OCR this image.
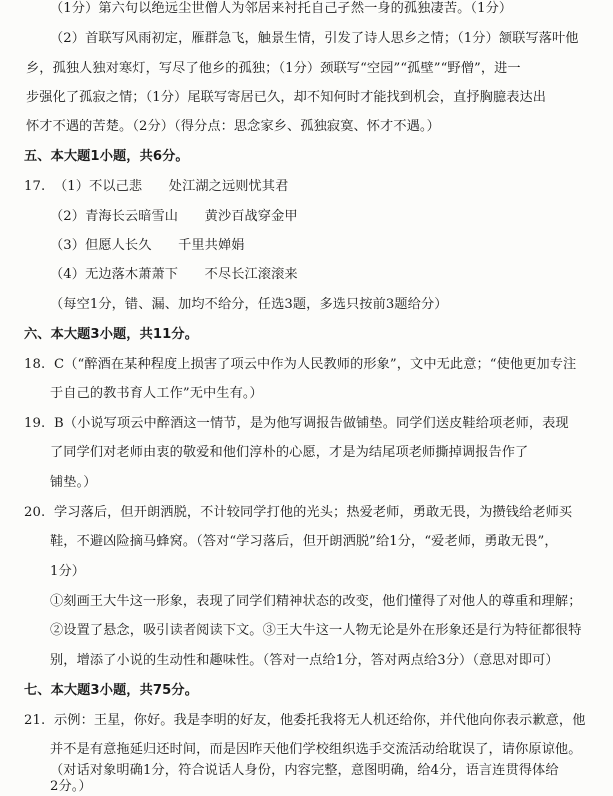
（1分）第六句以绝远尘世僧人为邻居来衬托自己孑然一身的孤独凄苦。（1分）
（2）首联写风雨初定，雁群急飞，触景生情，引发了诗人思乡之情；（1分）颔联写落叶他
乡，孤独人独对寒灯，写尽了他乡的孤独；（1分）颈联写“空园”“孤壁”“野僧”，进一
步强化了孤寂之情；（1分）尾联写寄居已久，却不知何时才能找到机会，直抒胸臆表达出
怀才不遇的苦楚。（2分）（得分点：思念家乡、孤独寂寞、怀才不遇。）
五、本大题1小题，共6分。
17. （1）不以己悲　　处江湖之远则忧其君
（2）青海长云暗雪山　　黄沙百战穿金甲
（3）但愿人长久　　千里共婵娟
（4）无边落木萧萧下　　不尽长江滚滚来
（每空1分，错、漏、加均不给分，任选3题，多选只按前3题给分）
六、本大题3小题，共11分。
18. C（“醉酒在某种程度上损害了项云中作为人民教师的形象”，文中无此意；“使他更加专注
于自己的教书育人工作”无中生有。）
19. B（小说写项云中醉酒这一情节，是为他写调报告做铺垫。同学们送皮鞋给项老师，表现
了同学们对老师由衷的敬爱和他们淳朴的心愿，才是为结尾项老师撕掉调报告作了
铺垫。）
20. 学习落后，但开朗洒脱，不计较同学打他的光头；热爱老师，勇敢无畏，为攒钱给老师买
鞋，不避凶险摘马蜂窝。（答对“学习落后，但开朗洒脱”给1分，“爱老师，勇敢无畏”，
1分）
①刻画王大牛这一形象，表现了同学们精神状态的改变，他们懂得了对他人的尊重和理解；
②设置了悬念，吸引读者阅读下文。③王大牛这一人物无论是外在形象还是行为特征都很特
别，增添了小说的生动性和趣味性。（答对一点给1分，答对两点给3分）（意思对即可）
七、本大题3小题，共75分。
21. 示例：王星，你好。我是李明的好友，他委托我将无人机还给你，并代他向你表示歉意，他
并不是有意拖延归还时间，而是因昨天他们学校组织选手交流活动给耽误了，请你原谅他。
（对话对象明确1分，符合说话人身份，内容完整，意图明确，给4分，语言连贯得体给
2分。）
